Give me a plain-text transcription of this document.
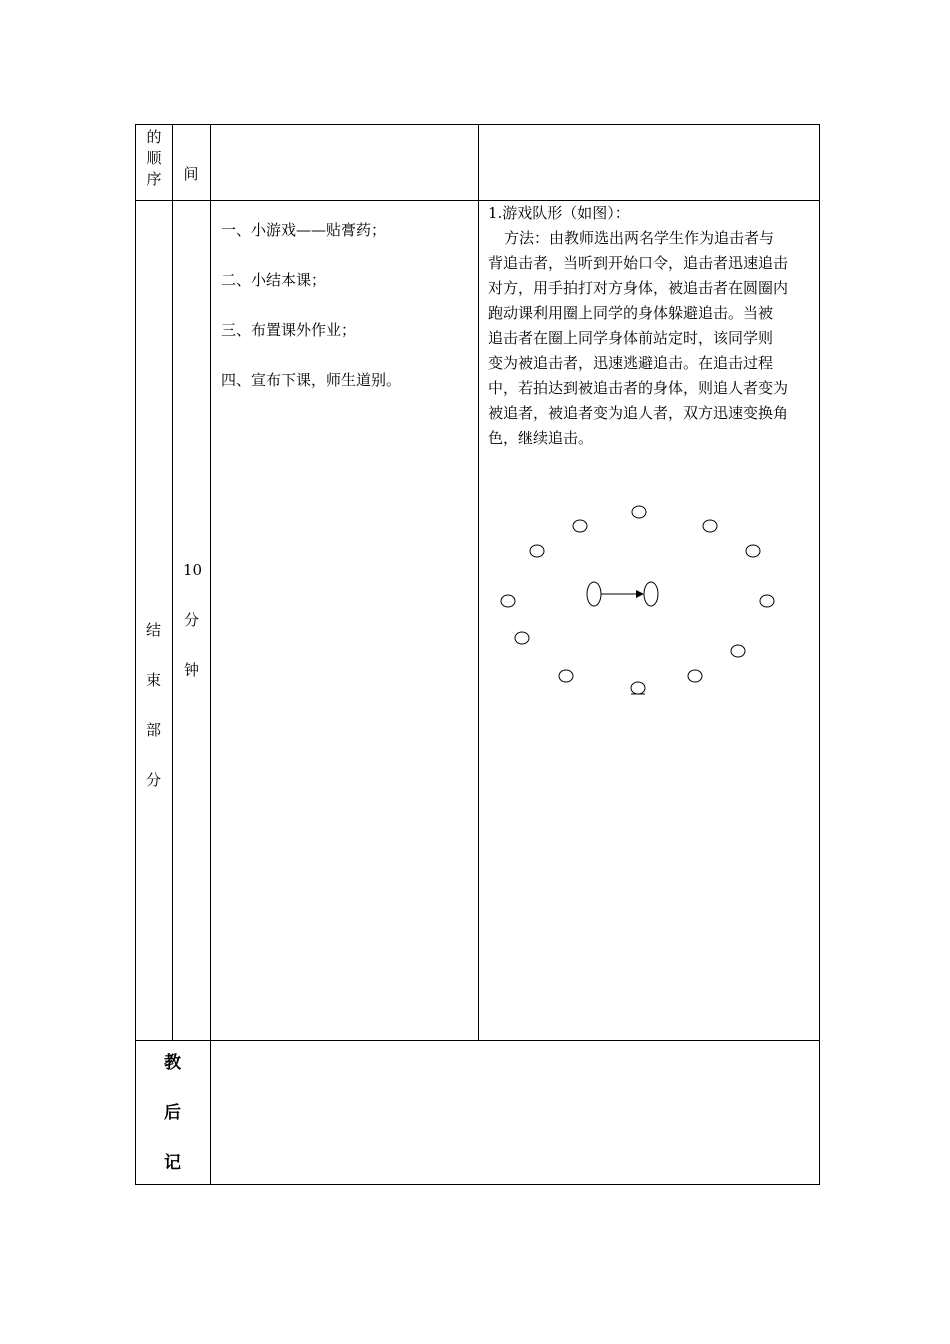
的
顺
序 间
结
束
部
分
10
分
钟
一、小游戏——贴膏药；
二、小结本课；
三、布置课外作业；
四、宣布下课，师生道别。
1.游戏队形（如图）：
方法：由教师选出两名学生作为追击者与
背追击者，当听到开始口令，追击者迅速追击
对方，用手拍打对方身体，被追击者在圆圈内
跑动课利用圈上同学的身体躲避追击。当被
追击者在圈上同学身体前站定时，该同学则
变为被追击者，迅速逃避追击。在追击过程
中，若拍达到被追击者的身体，则追人者变为
被追者，被追者变为追人者，双方迅速变换角
色，继续追击。
教
后
记
